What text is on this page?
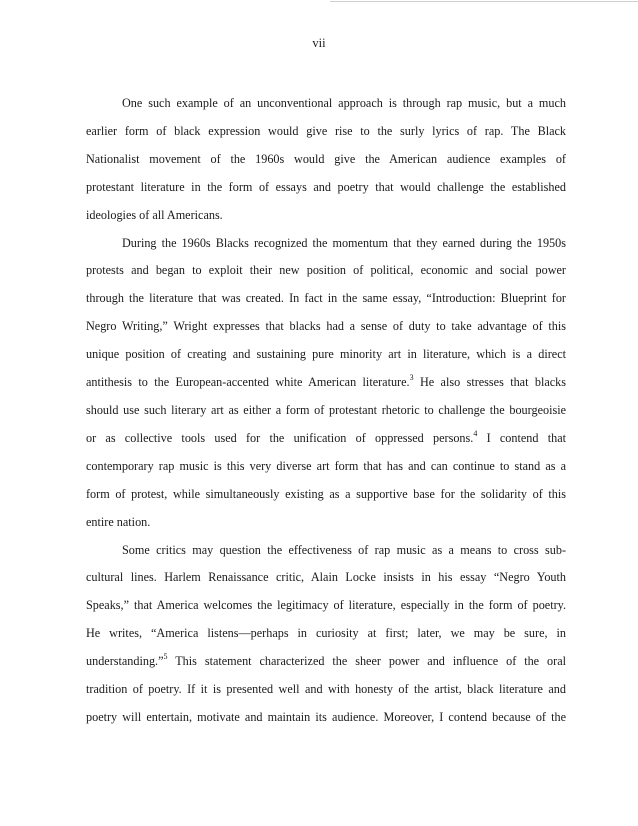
vii
One such example of an unconventional approach is through rap music, but a much
earlier form of black expression would give rise to the surly lyrics of rap. The Black
Nationalist movement of the 1960s would give the American audience examples of
protestant literature in the form of essays and poetry that would challenge the established
ideologies of all Americans.
During the 1960s Blacks recognized the momentum that they earned during the 1950s
protests and began to exploit their new position of political, economic and social power
through the literature that was created. In fact in the same essay, “Introduction: Blueprint for
Negro Writing,” Wright expresses that blacks had a sense of duty to take advantage of this
unique position of creating and sustaining pure minority art in literature, which is a direct
antithesis to the European-accented white American literature.$^3$ He also stresses that blacks
should use such literary art as either a form of protestant rhetoric to challenge the bourgeoisie
or as collective tools used for the unification of oppressed persons.$^4$ I contend that
contemporary rap music is this very diverse art form that has and can continue to stand as a
form of protest, while simultaneously existing as a supportive base for the solidarity of this
entire nation.
Some critics may question the effectiveness of rap music as a means to cross sub-
cultural lines. Harlem Renaissance critic, Alain Locke insists in his essay “Negro Youth
Speaks,” that America welcomes the legitimacy of literature, especially in the form of poetry.
He writes, “America listens—perhaps in curiosity at first; later, we may be sure, in
understanding.”$^5$ This statement characterized the sheer power and influence of the oral
tradition of poetry. If it is presented well and with honesty of the artist, black literature and
poetry will entertain, motivate and maintain its audience. Moreover, I contend because of the
